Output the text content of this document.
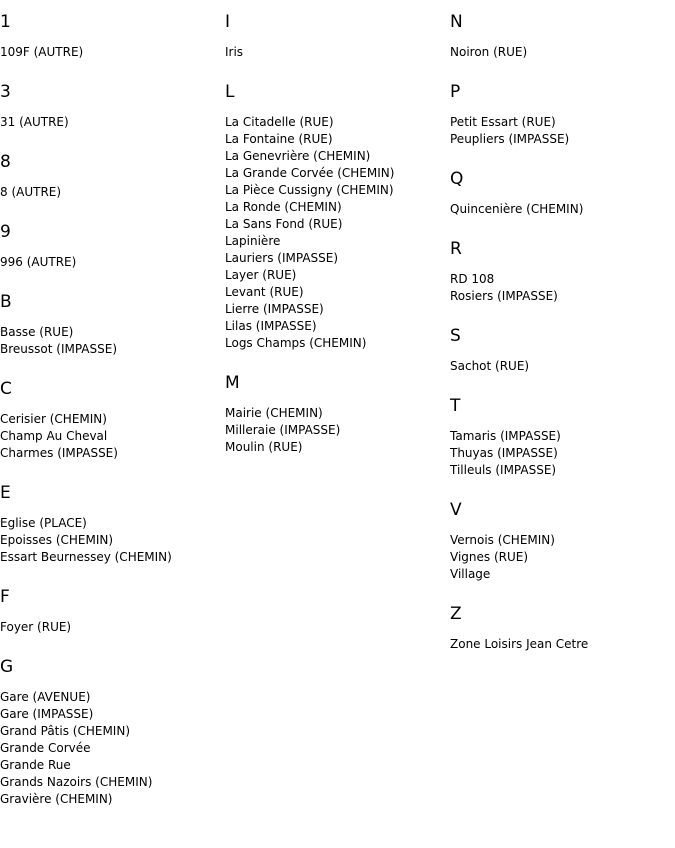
1
109F (AUTRE)
3
31 (AUTRE)
8
8 (AUTRE)
9
996 (AUTRE)
B
Basse (RUE)
Breussot (IMPASSE)
C
Cerisier (CHEMIN)
Champ Au Cheval
Charmes (IMPASSE)
E
Eglise (PLACE)
Epoisses (CHEMIN)
Essart Beurnessey (CHEMIN)
F
Foyer (RUE)
G
Gare (AVENUE)
Gare (IMPASSE)
Grand Pâtis (CHEMIN)
Grande Corvée
Grande Rue
Grands Nazoirs (CHEMIN)
Gravière (CHEMIN)
I
Iris
L
La Citadelle (RUE)
La Fontaine (RUE)
La Genevrière (CHEMIN)
La Grande Corvée (CHEMIN)
La Pièce Cussigny (CHEMIN)
La Ronde (CHEMIN)
La Sans Fond (RUE)
Lapinière
Lauriers (IMPASSE)
Layer (RUE)
Levant (RUE)
Lierre (IMPASSE)
Lilas (IMPASSE)
Logs Champs (CHEMIN)
M
Mairie (CHEMIN)
Milleraie (IMPASSE)
Moulin (RUE)
N
Noiron (RUE)
P
Petit Essart (RUE)
Peupliers (IMPASSE)
Q
Quincenière (CHEMIN)
R
RD 108
Rosiers (IMPASSE)
S
Sachot (RUE)
T
Tamaris (IMPASSE)
Thuyas (IMPASSE)
Tilleuls (IMPASSE)
V
Vernois (CHEMIN)
Vignes (RUE)
Village
Z
Zone Loisirs Jean Cetre
